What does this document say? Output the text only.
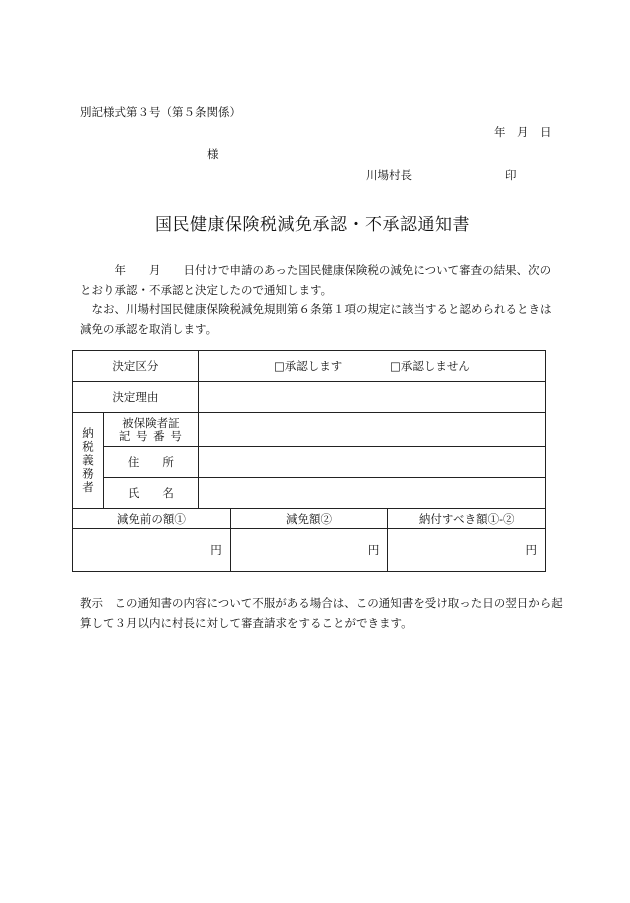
別記様式第３号（第５条関係）
年　月　日
様
川場村長	印
国民健康保険税減免承認・不承認通知書

　　　年　　月　　日付けで申請のあった国民健康保険税の減免について審査の結果、次のとおり承認・不承認と決定したので通知します。

　なお、川場村国民健康保険税減免規則第６条第１項の規定に該当すると認められるときは減免の承認を取消します。

決定区分		□承認します □承認しません		
決定理由				

納税義務者	被保険者証
記 号 番 号			

	住　　所			
	氏　　名			
減免前の額①			減免額②	納付すべき額①-②
円			円	円
教示　この通知書の内容について不服がある場合は、この通知書を受け取った日の翌日から起算して３月以内に村長に対して審査請求をすることができます。
